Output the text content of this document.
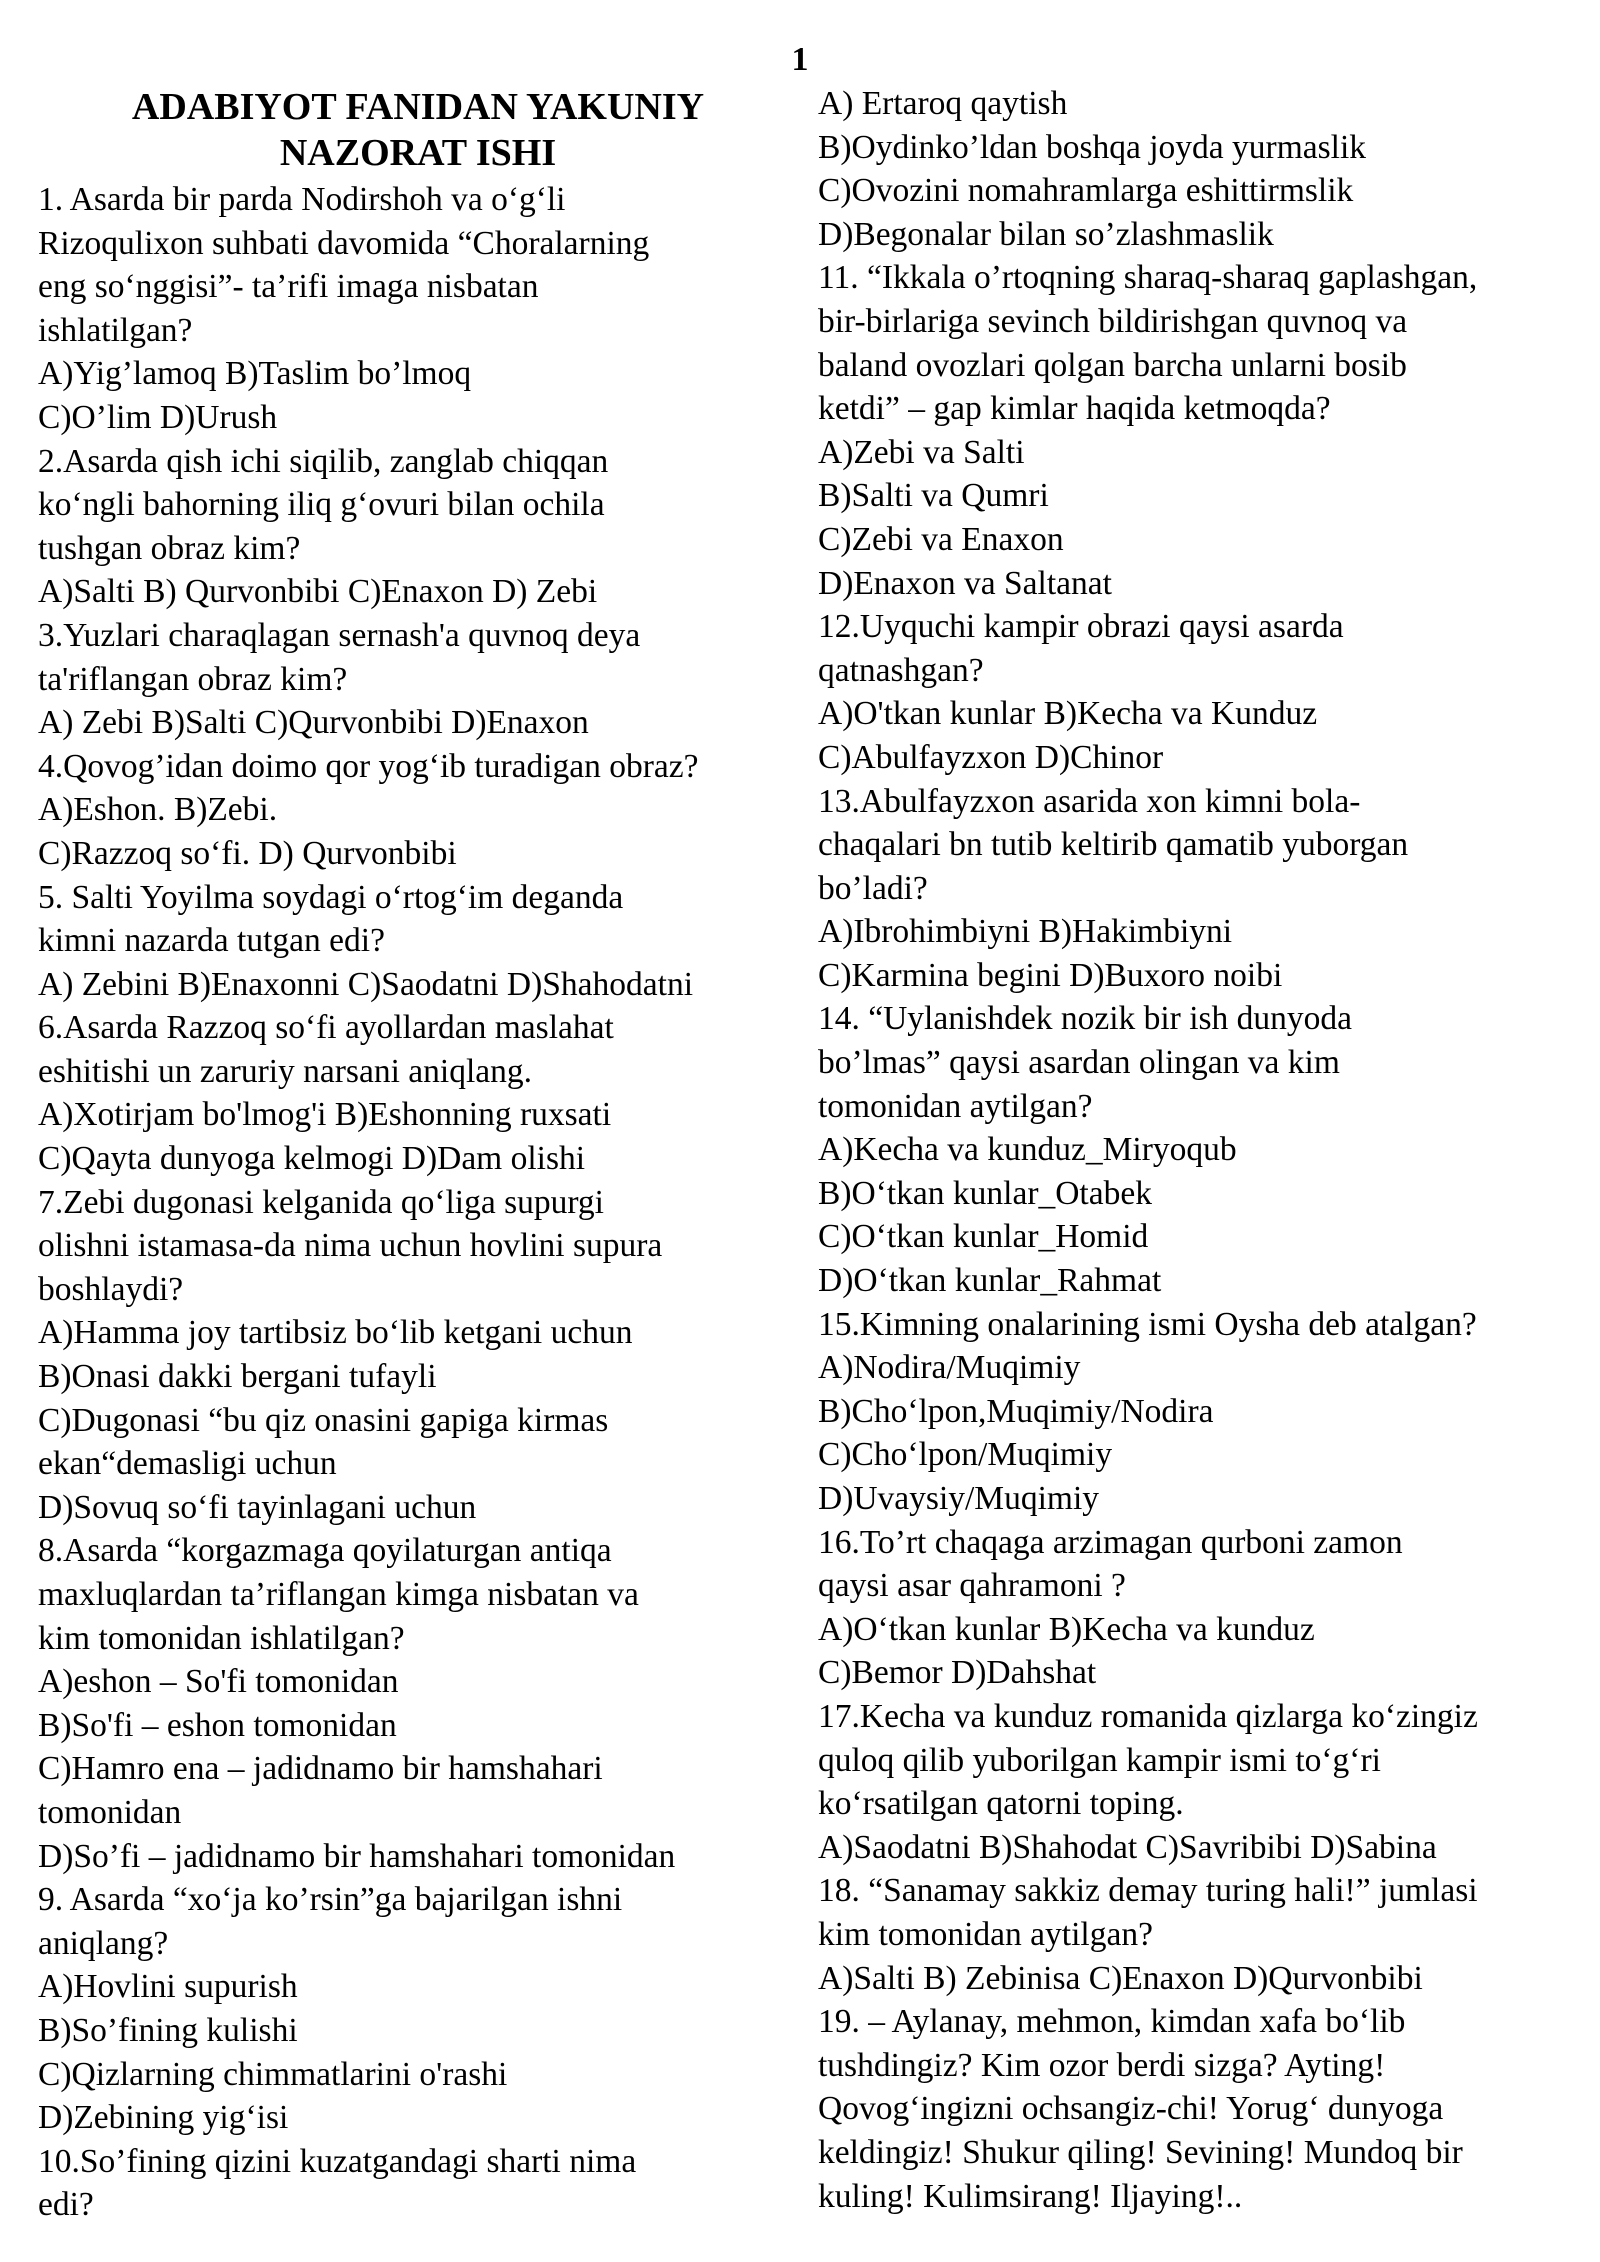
1
ADABIYOT FANIDAN YAKUNIY
NAZORAT ISHI
1. Asarda bir parda Nodirshoh va o‘g‘li
Rizoqulixon suhbati davomida “Choralarning
eng so‘nggisi”- ta’rifi imaga nisbatan
ishlatilgan?
A)Yig’lamoq B)Taslim bo’lmoq
C)O’lim D)Urush
2.Asarda qish ichi siqilib, zanglab chiqqan
ko‘ngli bahorning iliq g‘ovuri bilan ochila
tushgan obraz kim?
A)Salti B) Qurvonbibi C)Enaxon D) Zebi
3.Yuzlari charaqlagan sernash'a quvnoq deya
ta'riflangan obraz kim?
A) Zebi B)Salti C)Qurvonbibi D)Enaxon
4.Qovog’idan doimo qor yog‘ib turadigan obraz?
A)Eshon. B)Zebi.
C)Razzoq so‘fi. D) Qurvonbibi
5. Salti Yoyilma soydagi o‘rtog‘im deganda
kimni nazarda tutgan edi?
A) Zebini B)Enaxonni C)Saodatni D)Shahodatni
6.Asarda Razzoq so‘fi ayollardan maslahat
eshitishi un zaruriy narsani aniqlang.
A)Xotirjam bo'lmog'i B)Eshonning ruxsati
C)Qayta dunyoga kelmogi D)Dam olishi
7.Zebi dugonasi kelganida qo‘liga supurgi
olishni istamasa-da nima uchun hovlini supura
boshlaydi?
A)Hamma joy tartibsiz bo‘lib ketgani uchun
B)Onasi dakki bergani tufayli
C)Dugonasi “bu qiz onasini gapiga kirmas
ekan“demasligi uchun
D)Sovuq so‘fi tayinlagani uchun
8.Asarda “korgazmaga qoyilaturgan antiqa
maxluqlardan ta’riflangan kimga nisbatan va
kim tomonidan ishlatilgan?
A)eshon – So'fi tomonidan
B)So'fi – eshon tomonidan
C)Hamro ena – jadidnamo bir hamshahari
tomonidan
D)So’fi – jadidnamo bir hamshahari tomonidan
9. Asarda “xo‘ja ko’rsin”ga bajarilgan ishni
aniqlang?
A)Hovlini supurish
B)So’fining kulishi
C)Qizlarning chimmatlarini o'rashi
D)Zebining yig‘isi
10.So’fining qizini kuzatgandagi sharti nima
edi?
A) Ertaroq qaytish
B)Oydinko’ldan boshqa joyda yurmaslik
C)Ovozini nomahramlarga eshittirmslik
D)Begonalar bilan so’zlashmaslik
11. “Ikkala o’rtoqning sharaq-sharaq gaplashgan,
bir-birlariga sevinch bildirishgan quvnoq va
baland ovozlari qolgan barcha unlarni bosib
ketdi” – gap kimlar haqida ketmoqda?
A)Zebi va Salti
B)Salti va Qumri
C)Zebi va Enaxon
D)Enaxon va Saltanat
12.Uyquchi kampir obrazi qaysi asarda
qatnashgan?
A)O'tkan kunlar B)Kecha va Kunduz
C)Abulfayzxon D)Chinor
13.Abulfayzxon asarida xon kimni bola-
chaqalari bn tutib keltirib qamatib yuborgan
bo’ladi?
A)Ibrohimbiyni B)Hakimbiyni
C)Karmina begini D)Buxoro noibi
14. “Uylanishdek nozik bir ish dunyoda
bo’lmas” qaysi asardan olingan va kim
tomonidan aytilgan?
A)Kecha va kunduz_Miryoqub
B)O‘tkan kunlar_Otabek
C)O‘tkan kunlar_Homid
D)O‘tkan kunlar_Rahmat
15.Kimning onalarining ismi Oysha deb atalgan?
A)Nodira/Muqimiy
B)Cho‘lpon,Muqimiy/Nodira
C)Cho‘lpon/Muqimiy
D)Uvaysiy/Muqimiy
16.To’rt chaqaga arzimagan qurboni zamon
qaysi asar qahramoni ?
A)O‘tkan kunlar B)Kecha va kunduz
C)Bemor D)Dahshat
17.Kecha va kunduz romanida qizlarga ko‘zingiz
quloq qilib yuborilgan kampir ismi to‘g‘ri
ko‘rsatilgan qatorni toping.
A)Saodatni B)Shahodat C)Savribibi D)Sabina
18. “Sanamay sakkiz demay turing hali!” jumlasi
kim tomonidan aytilgan?
A)Salti B) Zebinisa C)Enaxon D)Qurvonbibi
19. – Aylanay, mehmon, kimdan xafa bo‘lib
tushdingiz? Kim ozor berdi sizga? Ayting!
Qovog‘ingizni ochsangiz-chi! Yorug‘ dunyoga
keldingiz! Shukur qiling! Sevining! Mundoq bir
kuling! Kulimsirang! Iljaying!..
